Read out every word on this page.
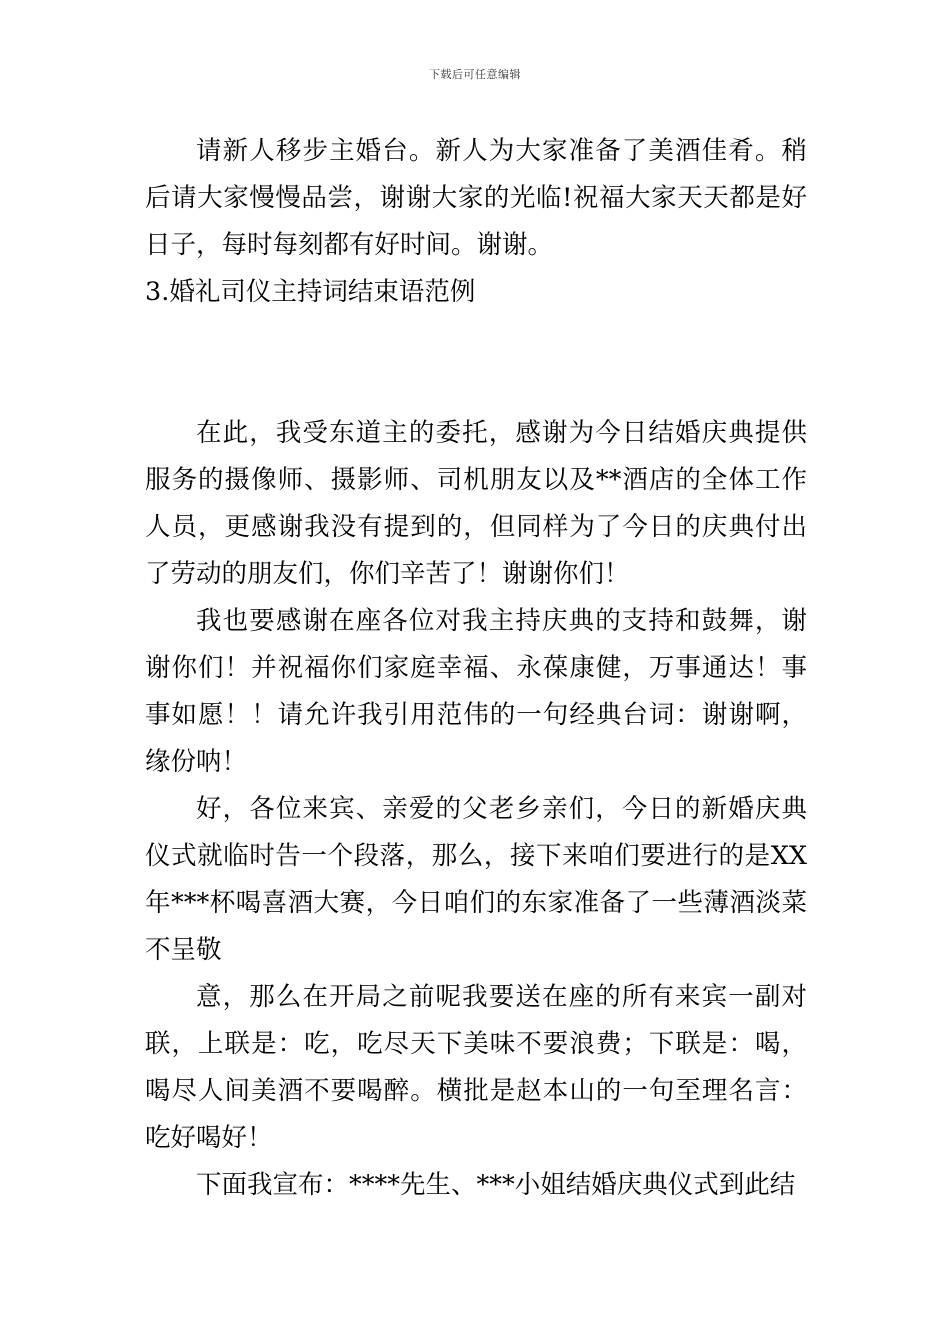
下载后可任意编辑

请新人移步主婚台。新人为大家准备了美酒佳肴。稍后请大家慢慢品尝，谢谢大家的光临!祝福大家天天都是好日子，每时每刻都有好时间。谢谢。

3.婚礼司仪主持词结束语范例

在此，我受东道主的委托，感谢为今日结婚庆典提供服务的摄像师、摄影师、司机朋友以及**酒店的全体工作人员，更感谢我没有提到的，但同样为了今日的庆典付出了劳动的朋友们，你们辛苦了！谢谢你们！

我也要感谢在座各位对我主持庆典的支持和鼓舞，谢谢你们！并祝福你们家庭幸福、永葆康健，万事通达！事事如愿！！请允许我引用范伟的一句经典台词：谢谢啊，缘份呐！

好，各位来宾、亲爱的父老乡亲们，今日的新婚庆典仪式就临时告一个段落，那么，接下来咱们要进行的是XX年***杯喝喜酒大赛，今日咱们的东家准备了一些薄酒淡菜不呈敬

意，那么在开局之前呢我要送在座的所有来宾一副对联，上联是：吃，吃尽天下美味不要浪费；下联是：喝，喝尽人间美酒不要喝醉。横批是赵本山的一句至理名言：吃好喝好！

下面我宣布：****先生、***小姐结婚庆典仪式到此结
